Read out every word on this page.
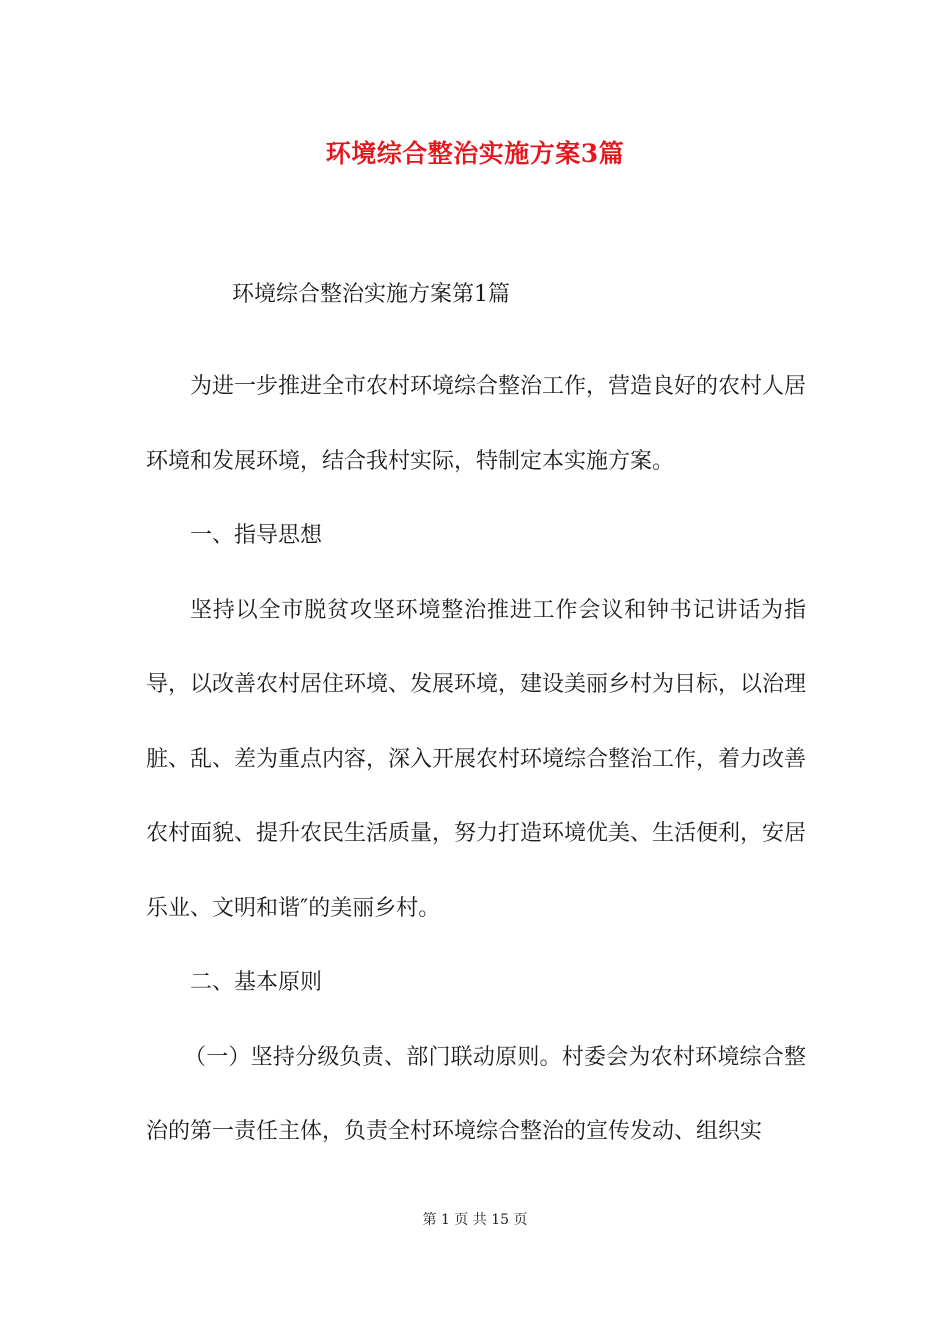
环境综合整治实施方案3篇
环境综合整治实施方案第1篇

为进一步推进全市农村环境综合整治工作，营造良好的农村人居环境和发展环境，结合我村实际，特制定本实施方案。

一、指导思想

坚持以全市脱贫攻坚环境整治推进工作会议和钟书记讲话为指导，以改善农村居住环境、发展环境，建设美丽乡村为目标，以治理脏、乱、差为重点内容，深入开展农村环境综合整治工作，着力改善农村面貌、提升农民生活质量，努力打造环境优美、生活便利，安居乐业、文明和谐″的美丽乡村。

二、基本原则

（一）坚持分级负责、部门联动原则。村委会为农村环境综合整治的第一责任主体，负责全村环境综合整治的宣传发动、组织实

第 1 页 共 15 页
